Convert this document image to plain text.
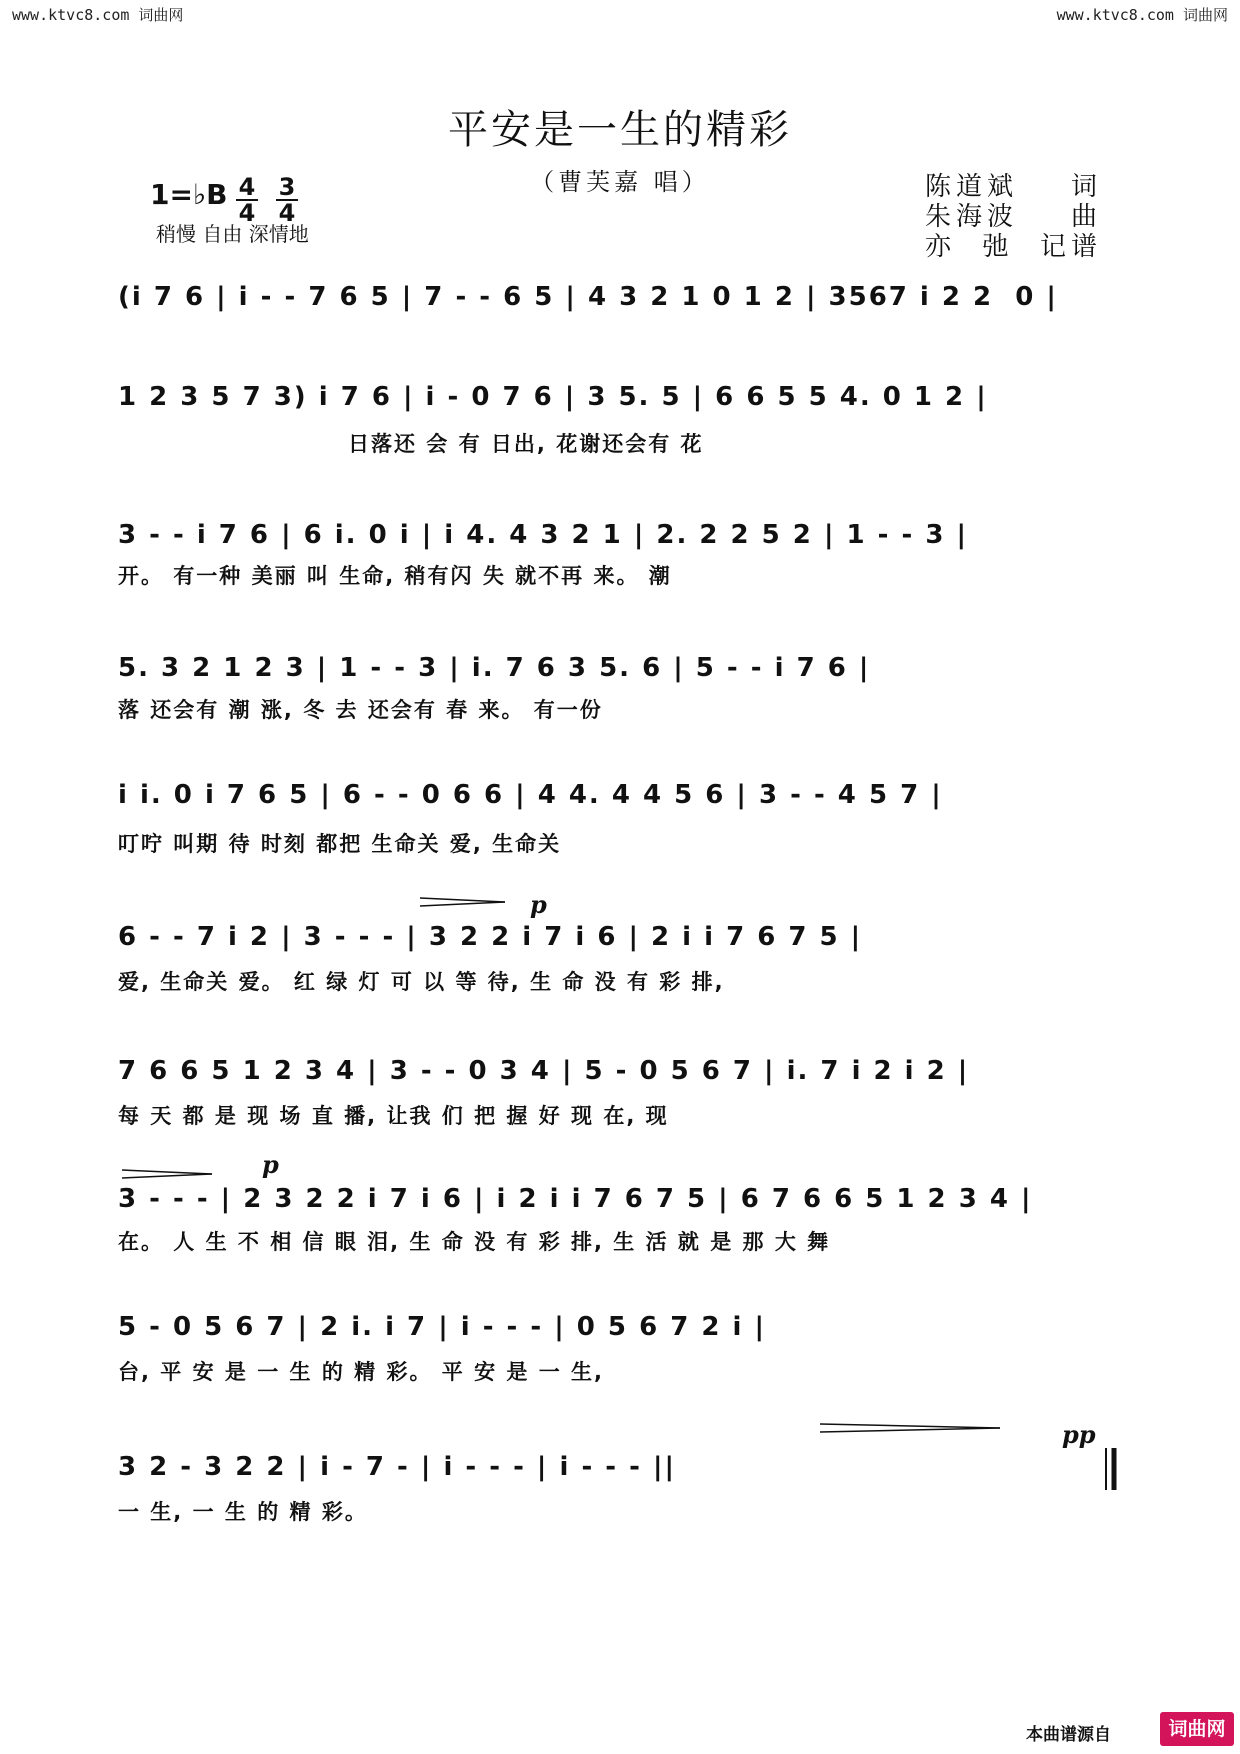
www.ktvc8.com 词曲网	www.ktvc8.com 词曲网
平安是一生的精彩
（曹芙嘉 唱）	陈道斌    词
朱海波    曲
亦  弛  记谱
1=♭B 4
4
3
4
稍慢 自由 深情地
(i 7 6 | i - - 7 6 5 | 7 - - 6 5 | 4 3 2 1 0 1 2 | 3567 i 2 2  0 |
1 2 3 5 7 3) i 7 6 | i - 0 7 6 | 3 5. 5 | 6 6 5 5 4. 0 1 2 |
日落还 会 有 日出, 花谢还会有 花
3 - - i 7 6 | 6 i. 0 i | i 4. 4 3 2 1 | 2. 2 2 5 2 | 1 - - 3 |
开。 有一种 美丽 叫 生命, 稍有闪 失 就不再 来。 潮
5. 3 2 1 2 3 | 1 - - 3 | i. 7 6 3 5. 6 | 5 - - i 7 6 |
落 还会有 潮 涨, 冬 去 还会有 春 来。 有一份
i i. 0 i 7 6 5 | 6 - - 0 6 6 | 4 4. 4 4 5 6 | 3 - - 4 5 7 |
叮咛 叫期 待 时刻 都把 生命关 爱, 生命关
6 - - 7 i 2 | 3 - - - | 3 2 2 i 7 i 6 | 2 i i 7 6 7 5 |
爱, 生命关 爱。 红 绿 灯 可 以 等 待, 生 命 没 有 彩 排,
7 6 6 5 1 2 3 4 | 3 - - 0 3 4 | 5 - 0 5 6 7 | i. 7 i 2 i 2 |
每 天 都 是 现 场 直 播, 让我 们 把 握 好 现 在, 现
3 - - - | 2 3 2 2 i 7 i 6 | i 2 i i 7 6 7 5 | 6 7 6 6 5 1 2 3 4 |
在。 人 生 不 相 信 眼 泪, 生 命 没 有 彩 排, 生 活 就 是 那 大 舞
5 - 0 5 6 7 | 2 i. i 7 | i - - - | 0 5 6 7 2 i |
台, 平 安 是 一 生 的 精 彩。 平 安 是 一 生,
3 2 - 3 2 2 | i - 7 - | i - - - | i - - - ||
一 生, 一 生 的 精 彩。
p
p
pp
本曲谱源自	词曲网
